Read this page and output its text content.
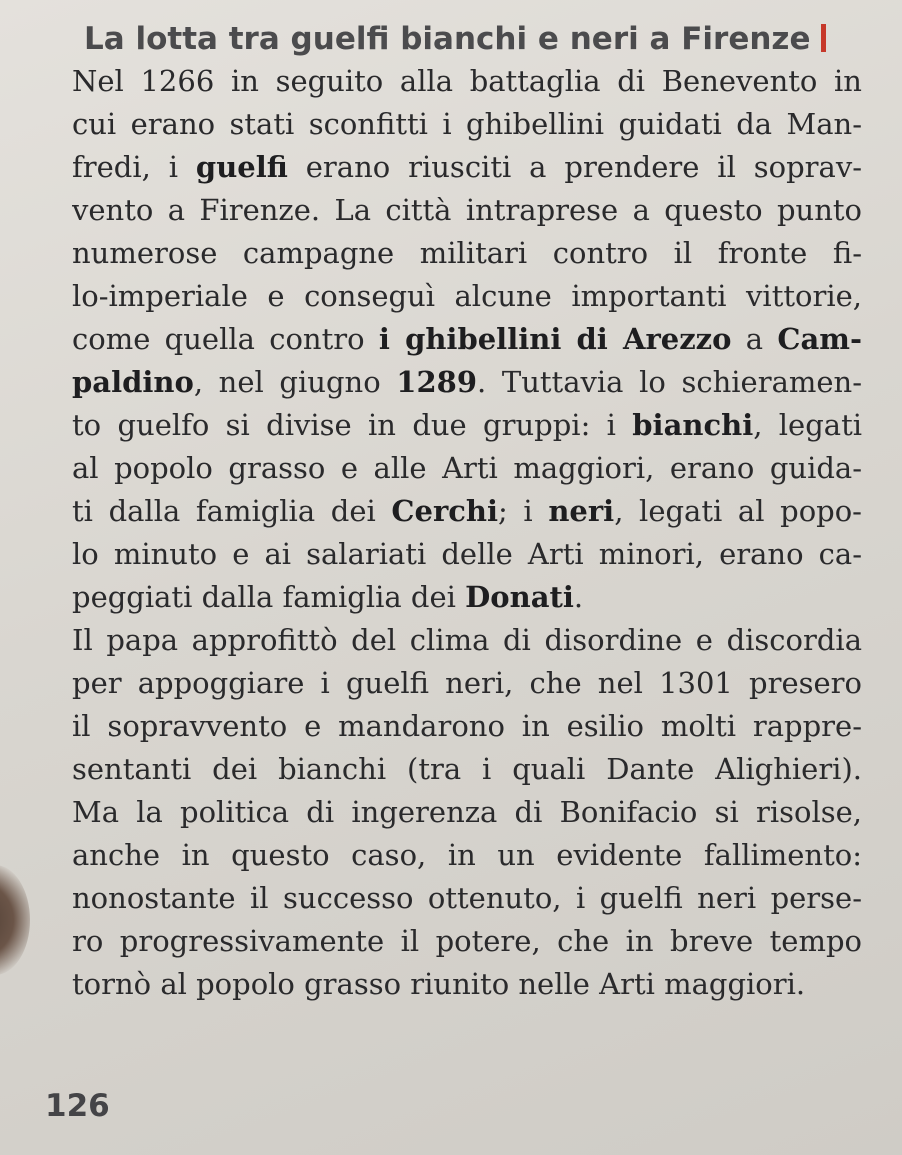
La lotta tra guelfi bianchi e neri a Firenze
Nel 1266 in seguito alla battaglia di Benevento in
cui erano stati sconfitti i ghibellini guidati da Man-
fredi, i guelfi erano riusciti a prendere il soprav-
vento a Firenze. La città intraprese a questo punto
numerose campagne militari contro il fronte fi-
lo-imperiale e conseguì alcune importanti vittorie,
come quella contro i ghibellini di Arezzo a Cam-
paldino, nel giugno 1289. Tuttavia lo schieramen-
to guelfo si divise in due gruppi: i bianchi, legati
al popolo grasso e alle Arti maggiori, erano guida-
ti dalla famiglia dei Cerchi; i neri, legati al popo-
lo minuto e ai salariati delle Arti minori, erano ca-
peggiati dalla famiglia dei Donati.
Il papa approfittò del clima di disordine e discordia
per appoggiare i guelfi neri, che nel 1301 presero
il sopravvento e mandarono in esilio molti rappre-
sentanti dei bianchi (tra i quali Dante Alighieri).
Ma la politica di ingerenza di Bonifacio si risolse,
anche in questo caso, in un evidente fallimento:
nonostante il successo ottenuto, i guelfi neri perse-
ro progressivamente il potere, che in breve tempo
tornò al popolo grasso riunito nelle Arti maggiori.
126
